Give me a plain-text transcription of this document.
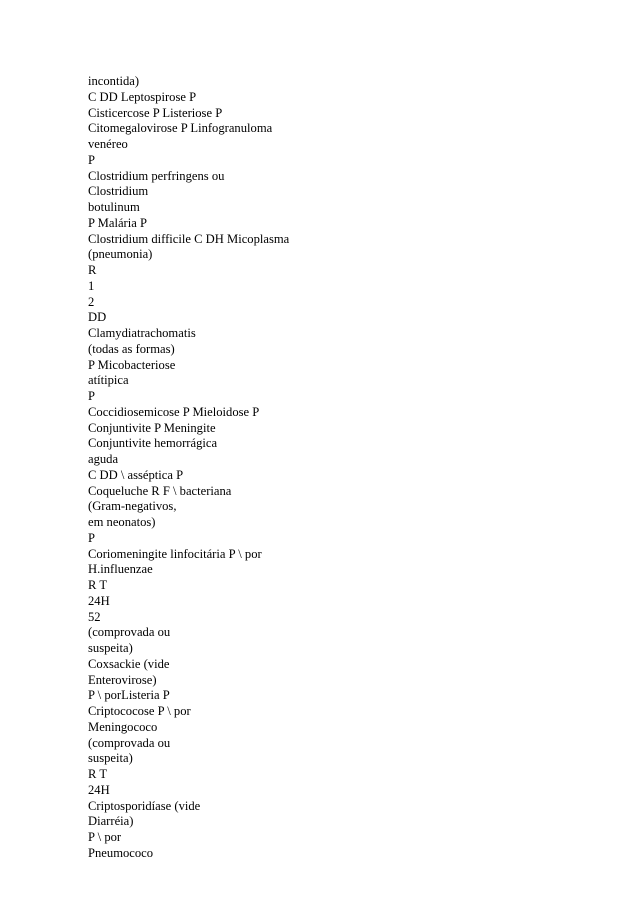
incontida)
C DD Leptospirose P
Cisticercose P Listeriose P
Citomegalovirose P Linfogranuloma
venéreo
P
Clostridium perfringens ou
Clostridium
botulinum
P Malária P
Clostridium difficile C DH Micoplasma
(pneumonia)
R
1
2
DD
Clamydiatrachomatis
(todas as formas)
P Micobacteriose
atítipica
P
Coccidiosemicose P Mieloidose P
Conjuntivite P Meningite
Conjuntivite hemorrágica
aguda
C DD \ asséptica P
Coqueluche R F \ bacteriana
(Gram-negativos,
em neonatos)
P
Coriomeningite linfocitária P \ por
H.influenzae
R T
24H
52
(comprovada ou
suspeita)
Coxsackie (vide
Enterovirose)
P \ porListeria P
Criptococose P \ por
Meningococo
(comprovada ou
suspeita)
R T
24H
Criptosporidíase (vide
Diarréia)
P \ por
Pneumococo
